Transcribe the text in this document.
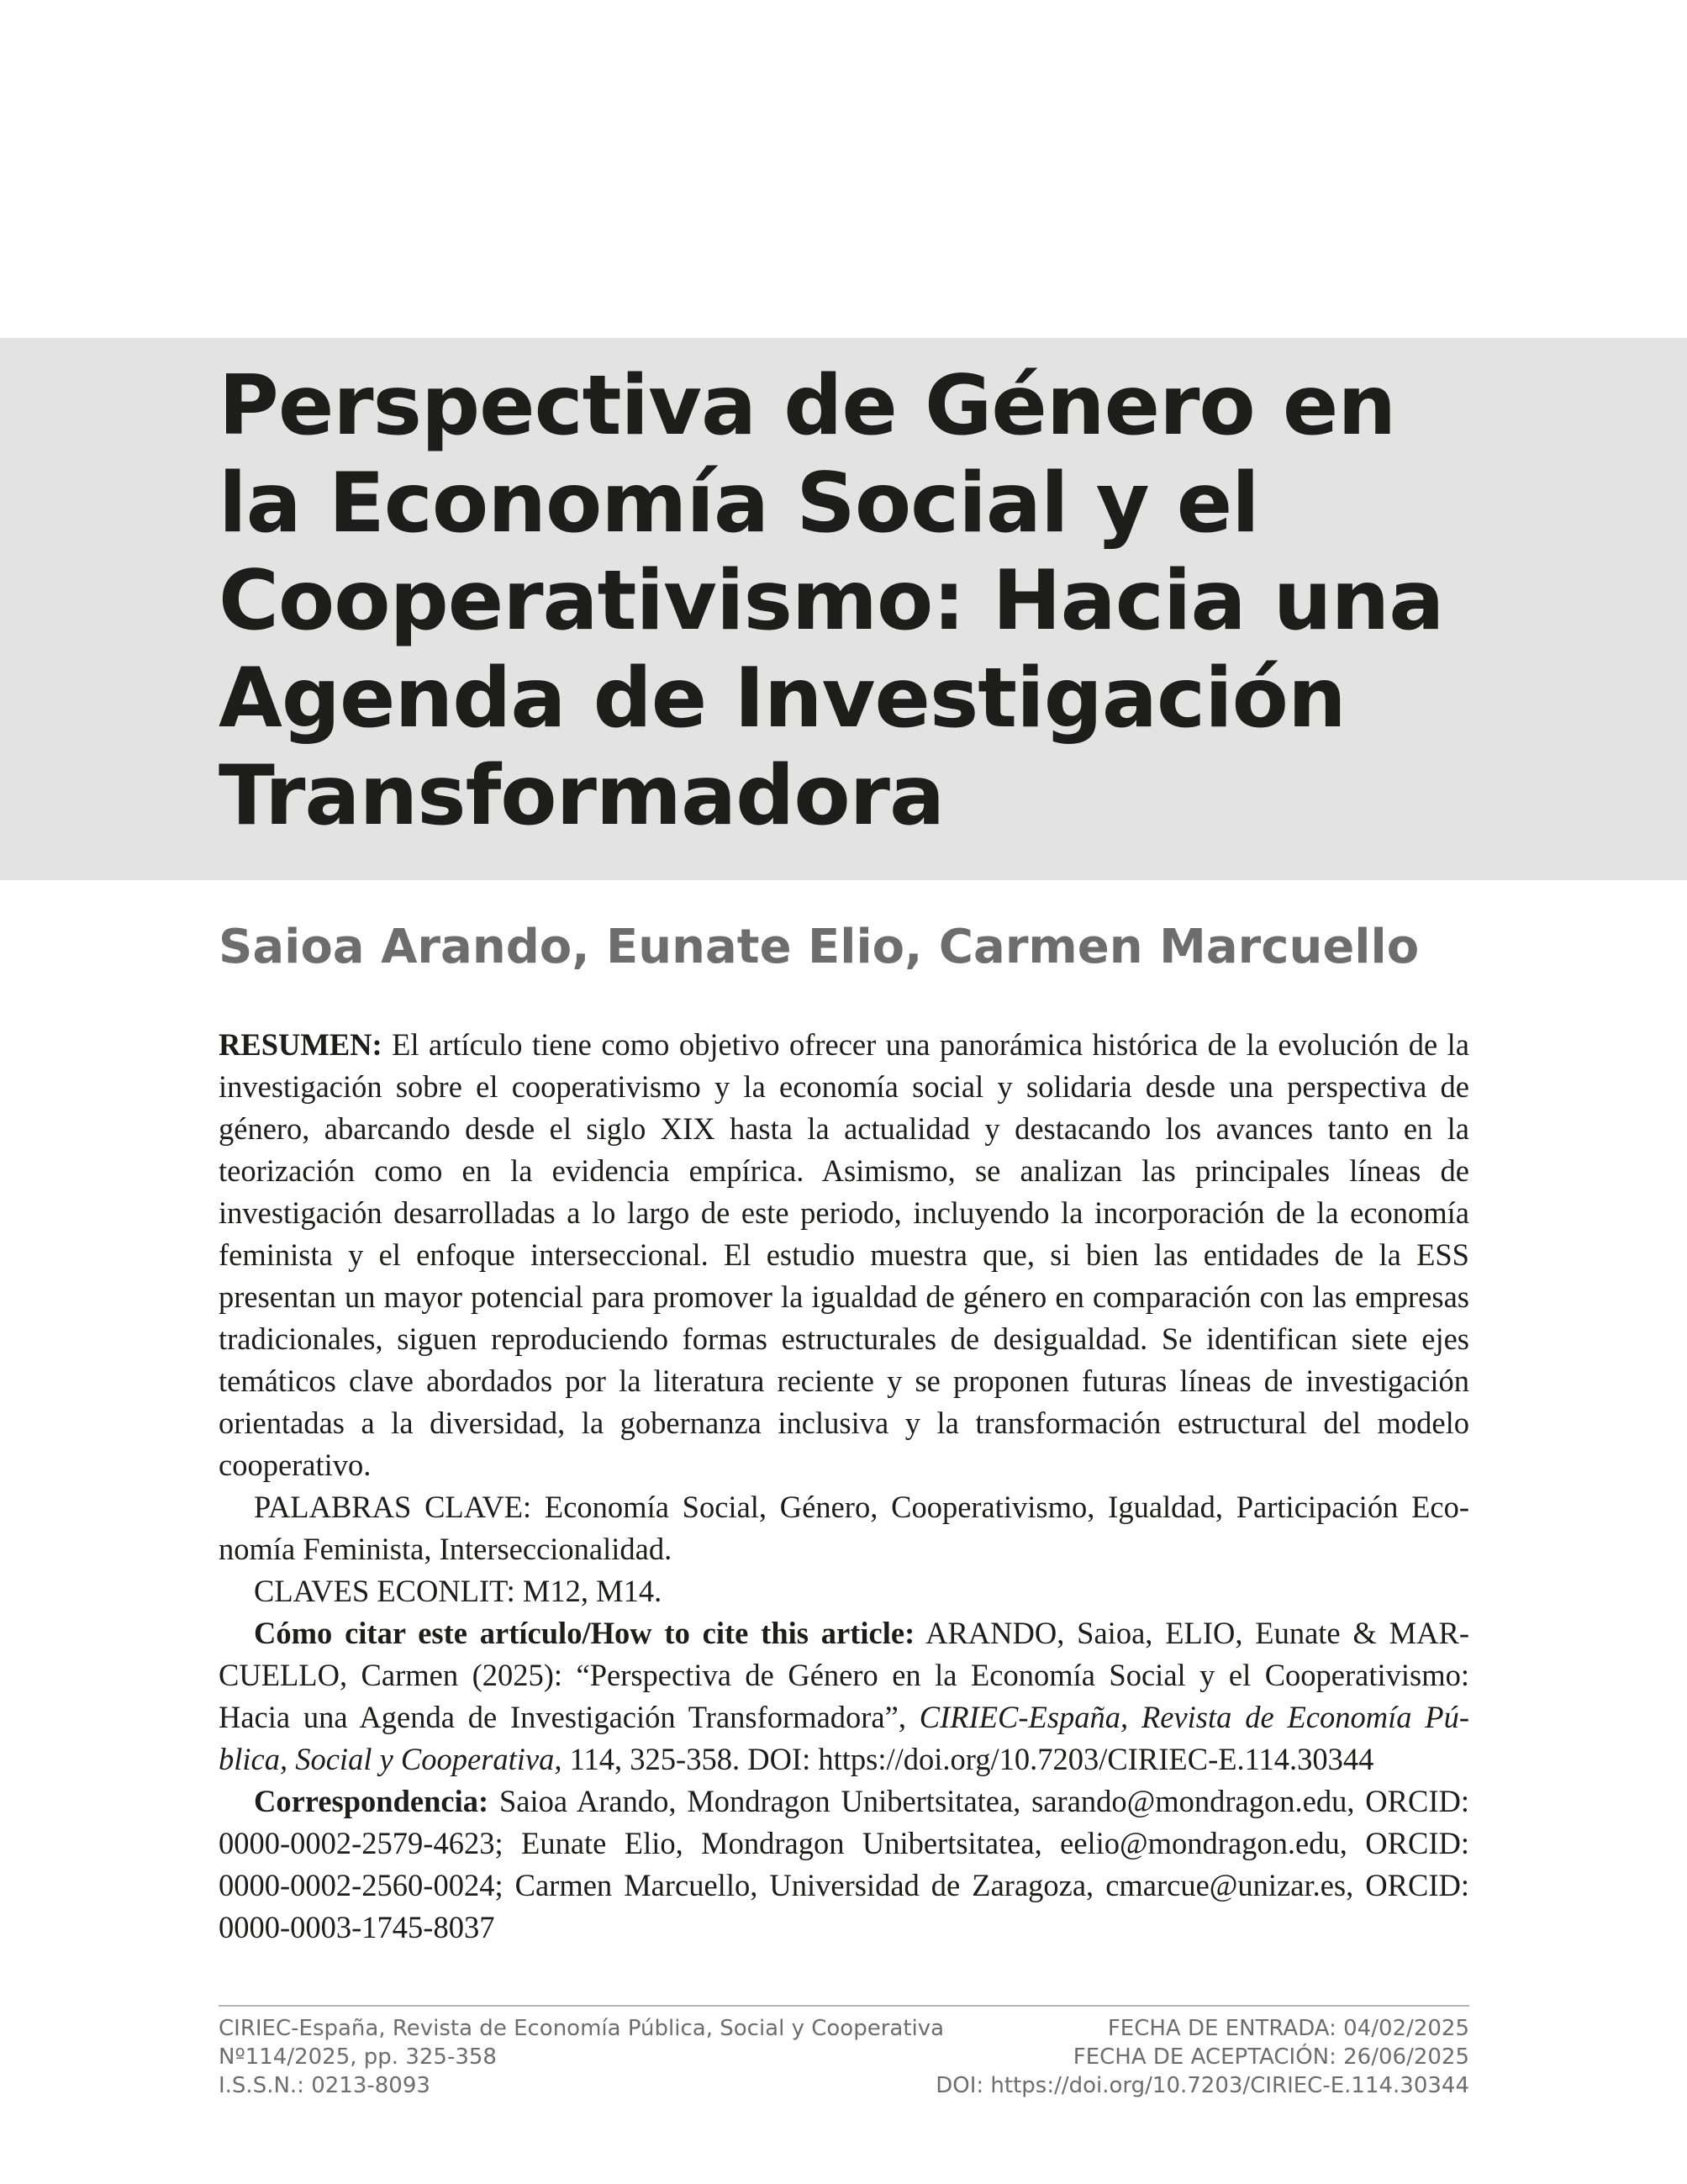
Perspectiva de Género en
la Economía Social y el
Cooperativismo: Hacia una
Agenda de Investigación
Transformadora
Saioa Arando, Eunate Elio, Carmen Marcuello

RESUMEN: El artículo tiene como objetivo ofrecer una panorámica histórica de la evolución de la investigación sobre el cooperativismo y la economía social y solidaria desde una perspectiva de género, abarcando desde el siglo XIX hasta la actualidad y destacando los avances tanto en la teorización como en la evidencia empírica. Asimismo, se analizan las principales líneas de investigación desarrolladas a lo largo de este periodo, incluyendo la incorporación de la economía feminista y el enfoque interseccional. El estudio muestra que, si bien las entidades de la ESS presentan un mayor potencial para promover la igualdad de género en comparación con las empresas tradicionales, siguen reproduciendo formas estructurales de desigualdad. Se identifican siete ejes temáticos clave abordados por la literatura reciente y se proponen futuras líneas de investigación orientadas a la diversidad, la gobernanza inclusiva y la transformación estructural del modelo cooperativo.

PALABRAS CLAVE: Economía Social, Género, Cooperativismo, Igualdad, Participación Economía Feminista, Interseccionalidad.

CLAVES ECONLIT: M12, M14.

Cómo citar este artículo/How to cite this article: ARANDO, Saioa, ELIO, Eunate & MARCUELLO, Carmen (2025): “Perspectiva de Género en la Economía Social y el Cooperativismo: Hacia una Agenda de Investigación Transformadora”, CIRIEC-España, Revista de Economía Pública, Social y Cooperativa, 114, 325-358. DOI: https://doi.org/10.7203/CIRIEC-E.114.30344

Correspondencia: Saioa Arando, Mondragon Unibertsitatea, sarando@mondragon.edu, ORCID: 0000-0002-2579-4623; Eunate Elio, Mondragon Unibertsitatea, eelio@mondragon.​edu, ORCID: 0000-0002-2560-0024; Carmen Marcuello, Universidad de Zaragoza, cmarcue@​unizar.es, ORCID: 0000-0003-1745-8037

CIRIEC-España, Revista de Economía Pública, Social y Cooperativa
Nº114/2025, pp. 325-358
I.S.S.N.: 0213-8093
FECHA DE ENTRADA: 04/02/2025
FECHA DE ACEPTACIÓN: 26/06/2025
DOI: https://doi.org/10.7203/CIRIEC-E.114.30344
